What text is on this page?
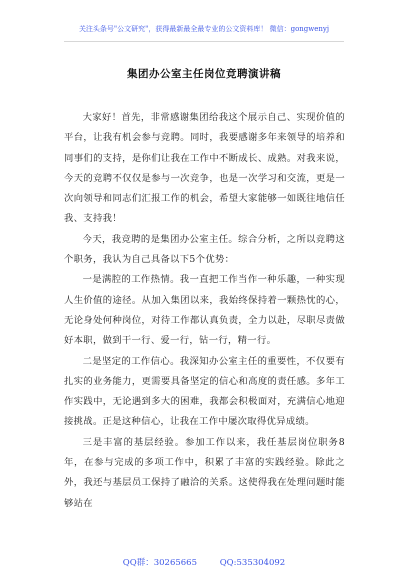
关注头条号"公文研究"，获得最新最全最专业的公文资料库！ 微信：gongwenyj
集团办公室主任岗位竞聘演讲稿

大家好！首先，非常感谢集团给我这个展示自己、实现价值的平台，让我有机会参与竞聘。同时，我要感谢多年来领导的培养和同事们的支持，是你们让我在工作中不断成长、成熟。对我来说，今天的竞聘不仅仅是参与一次竞争，也是一次学习和交流，更是一次向领导和同志们汇报工作的机会，希望大家能够一如既往地信任我、支持我！

今天，我竞聘的是集团办公室主任。综合分析，之所以竞聘这个职务，我认为自己具备以下5个优势：

一是满腔的工作热情。我一直把工作当作一种乐趣，一种实现人生价值的途径。从加入集团以来，我始终保持着一颗热忱的心，无论身处何种岗位，对待工作都认真负责，全力以赴，尽职尽责做好本职，做到干一行、爱一行，钻一行，精一行。

二是坚定的工作信心。我深知办公室主任的重要性，不仅要有扎实的业务能力，更需要具备坚定的信心和高度的责任感。多年工作实践中，无论遇到多大的困难，我都会积极面对，充满信心地迎接挑战。正是这种信心，让我在工作中屡次取得优异成绩。

三是丰富的基层经验。参加工作以来，我任基层岗位职务8年，在参与完成的多项工作中，积累了丰富的实践经验。除此之外，我还与基层员工保持了融洽的关系。这使得我在处理问题时能够站在

QQ群：30265665	QQ:535304092
